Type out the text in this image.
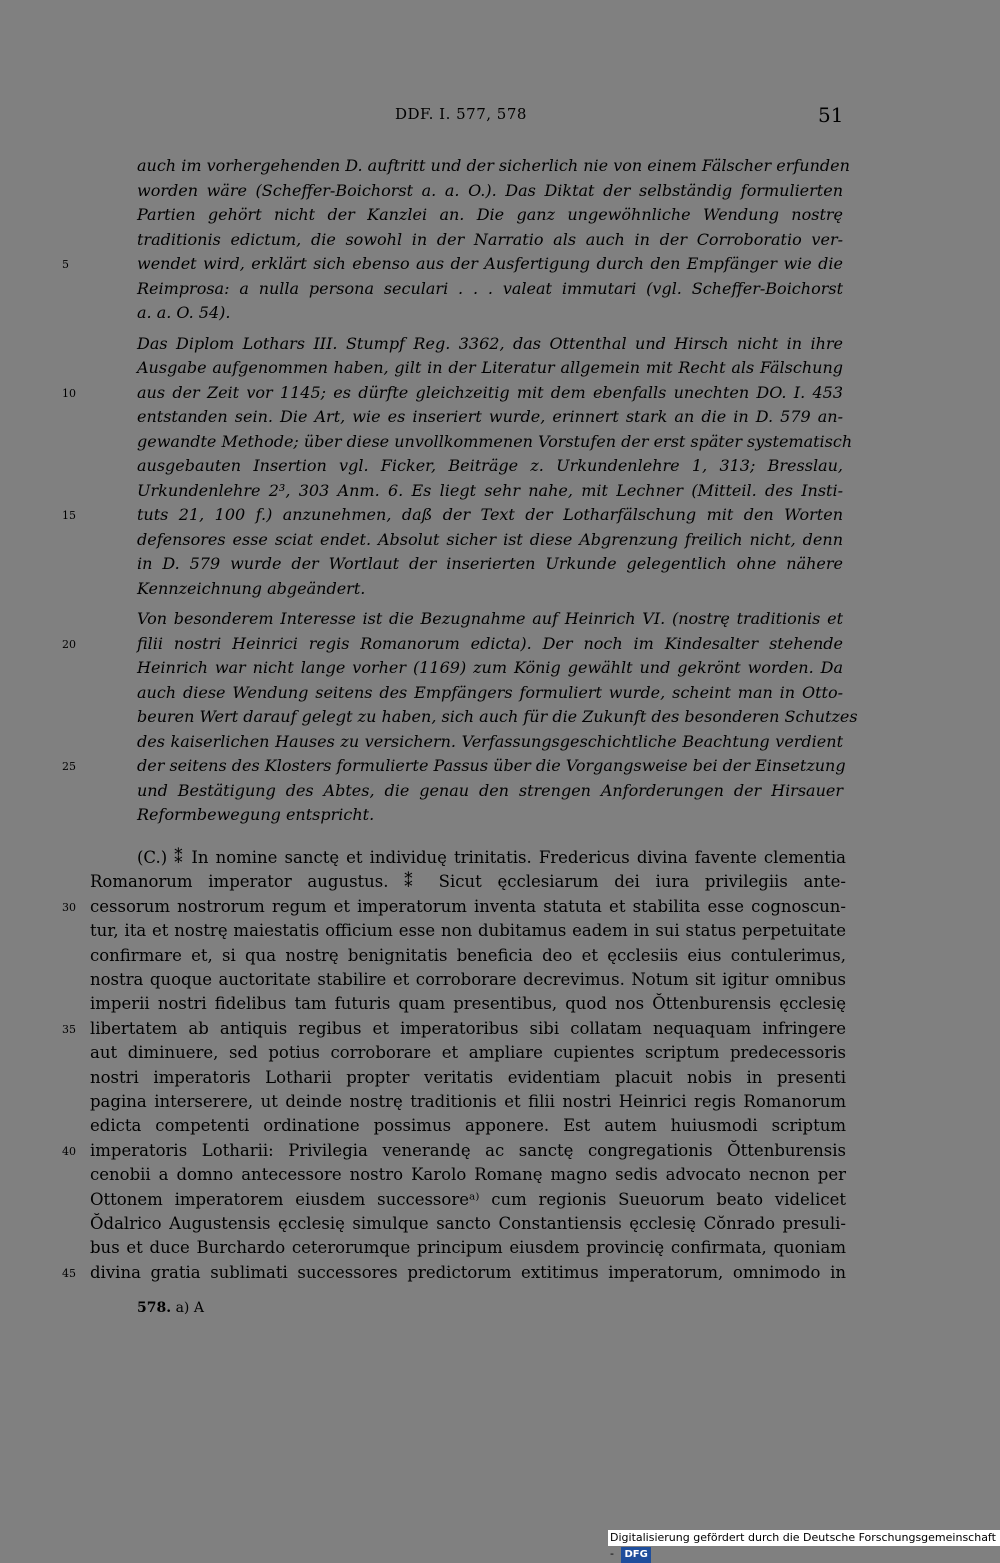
DDF. I. 577, 578	51
auch im vorhergehenden D. auftritt und der sicherlich nie von einem Fälscher erfunden
worden wäre (Scheffer-Boichorst a. a. O.). Das Diktat der selbständig formulierten
Partien gehört nicht der Kanzlei an. Die ganz ungewöhnliche Wendung nostrę
traditionis edictum, die sowohl in der Narratio als auch in der Corroboratio ver-
5	wendet wird, erklärt sich ebenso aus der Ausfertigung durch den Empfänger wie die
Reimprosa: a nulla persona seculari . . . valeat immutari (vgl. Scheffer-Boichorst
a. a. O. 54).
Das Diplom Lothars III. Stumpf Reg. 3362, das Ottenthal und Hirsch nicht in ihre
Ausgabe aufgenommen haben, gilt in der Literatur allgemein mit Recht als Fälschung
10	aus der Zeit vor 1145; es dürfte gleichzeitig mit dem ebenfalls unechten DO. I. 453
entstanden sein. Die Art, wie es inseriert wurde, erinnert stark an die in D. 579 an-
gewandte Methode; über diese unvollkommenen Vorstufen der erst später systematisch
ausgebauten Insertion vgl. Ficker, Beiträge z. Urkundenlehre 1, 313; Bresslau,
Urkundenlehre 2³, 303 Anm. 6. Es liegt sehr nahe, mit Lechner (Mitteil. des Insti-
15	tuts 21, 100 f.) anzunehmen, daß der Text der Lotharfälschung mit den Worten
defensores esse sciat endet. Absolut sicher ist diese Abgrenzung freilich nicht, denn
in D. 579 wurde der Wortlaut der inserierten Urkunde gelegentlich ohne nähere
Kennzeichnung abgeändert.
Von besonderem Interesse ist die Bezugnahme auf Heinrich VI. (nostrę traditionis et
20	filii nostri Heinrici regis Romanorum edicta). Der noch im Kindesalter stehende
Heinrich war nicht lange vorher (1169) zum König gewählt und gekrönt worden. Da
auch diese Wendung seitens des Empfängers formuliert wurde, scheint man in Otto-
beuren Wert darauf gelegt zu haben, sich auch für die Zukunft des besonderen Schutzes
des kaiserlichen Hauses zu versichern. Verfassungsgeschichtliche Beachtung verdient
25	der seitens des Klosters formulierte Passus über die Vorgangsweise bei der Einsetzung
und Bestätigung des Abtes, die genau den strengen Anforderungen der Hirsauer
Reformbewegung entspricht.
(C.) ⁑ In nomine sanctę et individuę trinitatis. Fredericus divina favente clementia
Romanorum imperator augustus. ⁑ Sicut ęcclesiarum dei iura privilegiis ante-
30 cessorum nostrorum regum et imperatorum inventa statuta et stabilita esse cognoscun-
tur, ita et nostrę maiestatis officium esse non dubitamus eadem in sui status perpetuitate
confirmare et, si qua nostrę benignitatis beneficia deo et ęcclesiis eius contulerimus,
nostra quoque auctoritate stabilire et corroborare decrevimus. Notum sit igitur omnibus
imperii nostri fidelibus tam futuris quam presentibus, quod nos Ŏttenburensis ęcclesię
35 libertatem ab antiquis regibus et imperatoribus sibi collatam nequaquam infringere
aut diminuere, sed potius corroborare et ampliare cupientes scriptum predecessoris
nostri imperatoris Lotharii propter veritatis evidentiam placuit nobis in presenti
pagina interserere, ut deinde nostrę traditionis et filii nostri Heinrici regis Romanorum
edicta competenti ordinatione possimus apponere. Est autem huiusmodi scriptum
40 imperatoris Lotharii: Privilegia venerandę ac sanctę congregationis Ŏttenburensis
cenobii a domno antecessore nostro Karolo Romanę magno sedis advocato necnon per
Ottonem imperatorem eiusdem successoreᵃ⁾ cum regionis Sueuorum beato videlicet
Ŏdalrico Augustensis ęcclesię simulque sancto Constantiensis ęcclesię Cŏnrado presuli-
bus et duce Burchardo ceterorumque principum eiusdem provincię confirmata, quoniam
45 divina gratia sublimati successores predictorum extitimus imperatorum, omnimodo in
578. a) A
Digitalisierung gefördert durch die Deutsche Forschungsgemeinschaft - DFG
